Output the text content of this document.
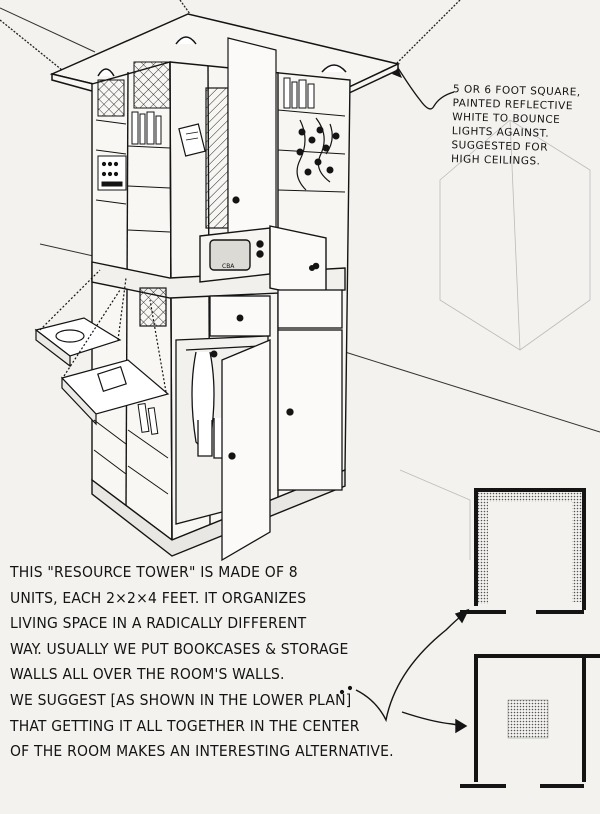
CBA
5 OR 6 FOOT SQUARE,
PAINTED REFLECTIVE
WHITE TO BOUNCE
LIGHTS AGAINST.
SUGGESTED FOR
HIGH CEILINGS.
THIS "RESOURCE TOWER" IS MADE OF 8
UNITS, EACH 2×2×4 FEET. IT ORGANIZES
LIVING SPACE IN A RADICALLY DIFFERENT
WAY. USUALLY WE PUT BOOKCASES & STORAGE
WALLS ALL OVER THE ROOM'S WALLS.
WE SUGGEST [AS SHOWN IN THE LOWER PLAN]
THAT GETTING IT ALL TOGETHER IN THE CENTER
OF THE ROOM MAKES AN INTERESTING ALTERNATIVE.
